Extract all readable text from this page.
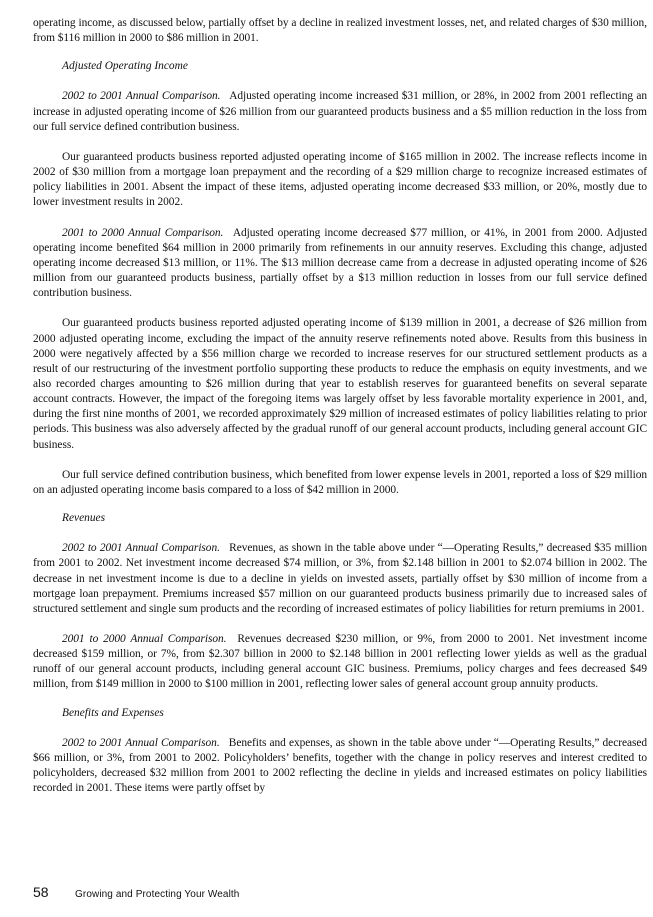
operating income, as discussed below, partially offset by a decline in realized investment losses, net, and related charges of $30 million, from $116 million in 2000 to $86 million in 2001.

Adjusted Operating Income

2002 to 2001 Annual Comparison. Adjusted operating income increased $31 million, or 28%, in 2002 from 2001 reflecting an increase in adjusted operating income of $26 million from our guaranteed products business and a $5 million reduction in the loss from our full service defined contribution business.

Our guaranteed products business reported adjusted operating income of $165 million in 2002. The increase reflects income in 2002 of $30 million from a mortgage loan prepayment and the recording of a $29 million charge to recognize increased estimates of policy liabilities in 2001. Absent the impact of these items, adjusted operating income decreased $33 million, or 20%, mostly due to lower investment results in 2002.

2001 to 2000 Annual Comparison. Adjusted operating income decreased $77 million, or 41%, in 2001 from 2000. Adjusted operating income benefited $64 million in 2000 primarily from refinements in our annuity reserves. Excluding this change, adjusted operating income decreased $13 million, or 11%. The $13 million decrease came from a decrease in adjusted operating income of $26 million from our guaranteed products business, partially offset by a $13 million reduction in losses from our full service defined contribution business.

Our guaranteed products business reported adjusted operating income of $139 million in 2001, a decrease of $26 million from 2000 adjusted operating income, excluding the impact of the annuity reserve refinements noted above. Results from this business in 2000 were negatively affected by a $56 million charge we recorded to increase reserves for our structured settlement products as a result of our restructuring of the investment portfolio supporting these products to reduce the emphasis on equity investments, and we also recorded charges amounting to $26 million during that year to establish reserves for guaranteed benefits on several separate account contracts. However, the impact of the foregoing items was largely offset by less favorable mortality experience in 2001, and, during the first nine months of 2001, we recorded approximately $29 million of increased estimates of policy liabilities relating to prior periods. This business was also adversely affected by the gradual runoff of our general account products, including general account GIC business.

Our full service defined contribution business, which benefited from lower expense levels in 2001, reported a loss of $29 million on an adjusted operating income basis compared to a loss of $42 million in 2000.

Revenues

2002 to 2001 Annual Comparison. Revenues, as shown in the table above under “—Operating Results,” decreased $35 million from 2001 to 2002. Net investment income decreased $74 million, or 3%, from $2.148 billion in 2001 to $2.074 billion in 2002. The decrease in net investment income is due to a decline in yields on invested assets, partially offset by $30 million of income from a mortgage loan prepayment. Premiums increased $57 million on our guaranteed products business primarily due to increased sales of structured settlement and single sum products and the recording of increased estimates of policy liabilities for return premiums in 2001.

2001 to 2000 Annual Comparison. Revenues decreased $230 million, or 9%, from 2000 to 2001. Net investment income decreased $159 million, or 7%, from $2.307 billion in 2000 to $2.148 billion in 2001 reflecting lower yields as well as the gradual runoff of our general account products, including general account GIC business. Premiums, policy charges and fees decreased $49 million, from $149 million in 2000 to $100 million in 2001, reflecting lower sales of general account group annuity products.

Benefits and Expenses

2002 to 2001 Annual Comparison. Benefits and expenses, as shown in the table above under “—Operating Results,” decreased $66 million, or 3%, from 2001 to 2002. Policyholders’ benefits, together with the change in policy reserves and interest credited to policyholders, decreased $32 million from 2001 to 2002 reflecting the decline in yields and increased estimates on policy liabilities recorded in 2001. These items were partly offset by

58	Growing and Protecting Your Wealth
